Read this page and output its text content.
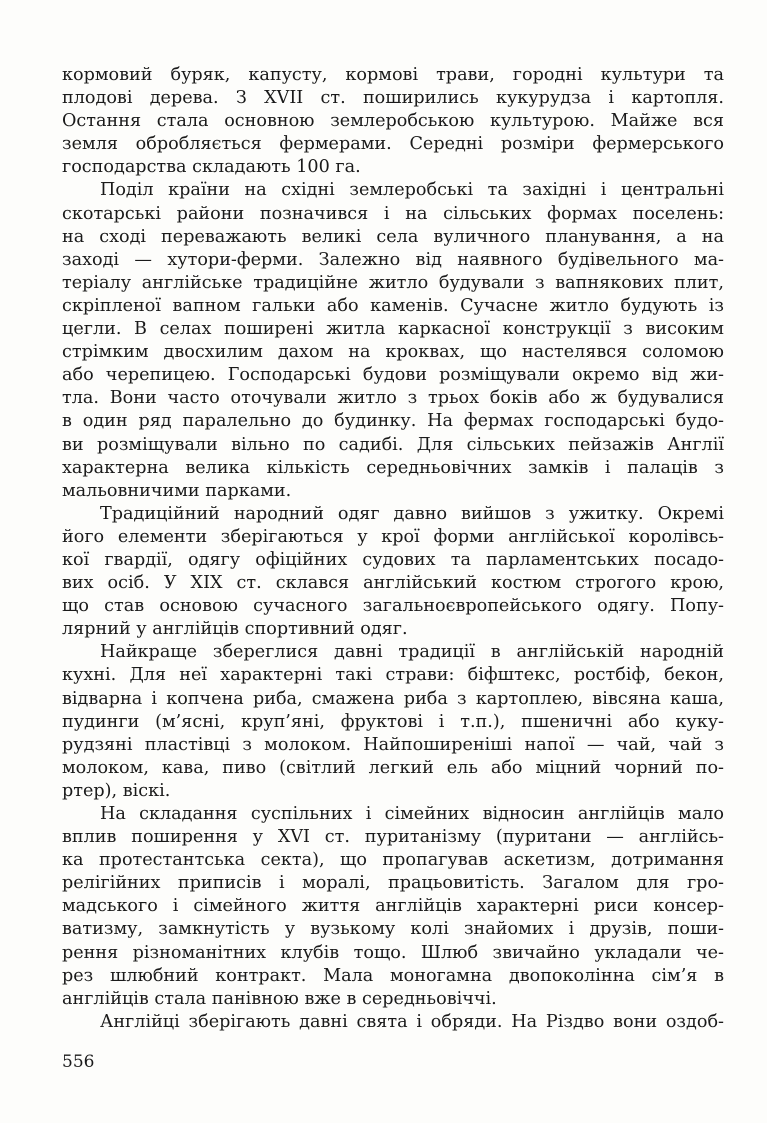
кормовий буряк, капусту, кормові трави, городні культури та
плодові дерева. З XVII ст. поширились кукурудза і картопля.
Остання стала основною землеробською культурою. Майже вся
земля обробляється фермерами. Середні розміри фермерського
господарства складають 100 га.
Поділ країни на східні землеробські та західні і центральні
скотарські райони позначився і на сільських формах поселень:
на сході переважають великі села вуличного планування, а на
заході — хутори-ферми. Залежно від наявного будівельного ма-
теріалу англійське традиційне житло будували з вапнякових плит,
скріпленої вапном гальки або каменів. Сучасне житло будують із
цегли. В селах поширені житла каркасної конструкції з високим
стрімким двосхилим дахом на кроквах, що настелявся соломою
або черепицею. Господарські будови розміщували окремо від жи-
тла. Вони часто оточували житло з трьох боків або ж будувалися
в один ряд паралельно до будинку. На фермах господарські будо-
ви розміщували вільно по садибі. Для сільських пейзажів Англії
характерна велика кількість середньовічних замків і палаців з
мальовничими парками.
Традиційний народний одяг давно вийшов з ужитку. Окремі
його елементи зберігаються у крої форми англійської королівсь-
кої гвардії, одягу офіційних судових та парламентських посадо-
вих осіб. У XIX ст. склався англійський костюм строгого крою,
що став основою сучасного загальноєвропейського одягу. Попу-
лярний у англійців спортивний одяг.
Найкраще збереглися давні традиції в англійській народній
кухні. Для неї характерні такі страви: біфштекс, ростбіф, бекон,
відварна і копчена риба, смажена риба з картоплею, вівсяна каша,
пудинги (м’ясні, круп’яні, фруктові і т.п.), пшеничні або куку-
рудзяні пластівці з молоком. Найпоширеніші напої — чай, чай з
молоком, кава, пиво (світлий легкий ель або міцний чорний по-
ртер), віскі.
На складання суспільних і сімейних відносин англійців мало
вплив поширення у XVI ст. пуританізму (пуритани — англійсь-
ка протестантська секта), що пропагував аскетизм, дотримання
релігійних приписів і моралі, працьовитість. Загалом для гро-
мадського і сімейного життя англійців характерні риси консер-
ватизму, замкнутість у вузькому колі знайомих і друзів, поши-
рення різноманітних клубів тощо. Шлюб звичайно укладали че-
рез шлюбний контракт. Мала моногамна двопоколінна сім’я в
англійців стала панівною вже в середньовіччі.
Англійці зберігають давні свята і обряди. На Різдво вони оздоб-
556
